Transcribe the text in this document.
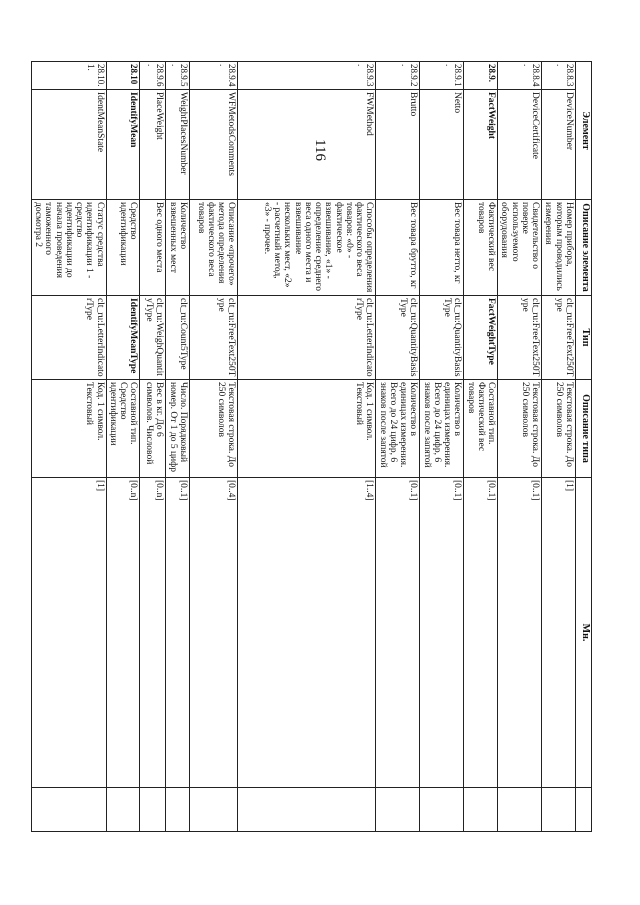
116
Элемент		Описание элемента	Тип	Описание типа	Мн.	
28.8.3.	DeviceNumber	Номер прибора, которым проводились измерения	clt_ru:FreeText250Type	Текстовая строка. До 250 символов	[1]	
28.8.4.	DeviceCertificate	Свидетельство о поверке используемого оборудования	clt_ru:FreeText250Type	Текстовая строка. До 250 символов	[0..1]	
28.9.	FactWeight	Фактический вес товаров	FactWeightType	Составной тип. Фактический вес товаров	[0..1]	
28.9.1.	Netto	Вес товара нетто, кг	clt_ru:QuantityBasisType	Количество в единицах измерения. Всего до 24 цифр, 6 знаков после запятой	[0..1]	
28.9.2.	Brutto	Вес товара брутто, кг	clt_ru:QuantityBasisType	Количество в единицах измерения. Всего до 24 цифр, 6 знаков после запятой	[0..1]	
28.9.3.	FWMethod	Способы определения фактического веса товаров: «0» - фактическое взвешивание, «1» - определение среднего веса одного места и взвешивание нескольких мест, «2» - расчетный метод, «3» - прочее.	clt_ru:LetterIndicatorType	Код. 1 символ. Текстовый	[1..4]	
28.9.4.	WFMetodsComments	Описание «прочего» метода определения фактического веса товаров	clt_ru:FreeText250Type	Текстовая строка. До 250 символов	[0..4]	
28.9.5.	WeightPlacesNumber	Количество взвешенных мест	clt_ru:Count5Type	Число. Порядковый номер. От 1 до 5 цифр	[0..1]	
28.9.6.	PlaceWeight	Вес одного места	clt_ru:WeighQuantityType	Вес в кг. До 6 символов. Числовой	[0..n]	
28.10	IdentifyMean	Средство идентификации	IdentifyMeanType	Составной тип. Средство идентификации	[0..n]	
28.10.1.	IdentMeanState	Статус средства идентификации 1 - средство идентификации до начала проведения таможенного досмотра 2	clt_ru:LetterIndicatorType	Код. 1 символ. Текстовый	[1]	
